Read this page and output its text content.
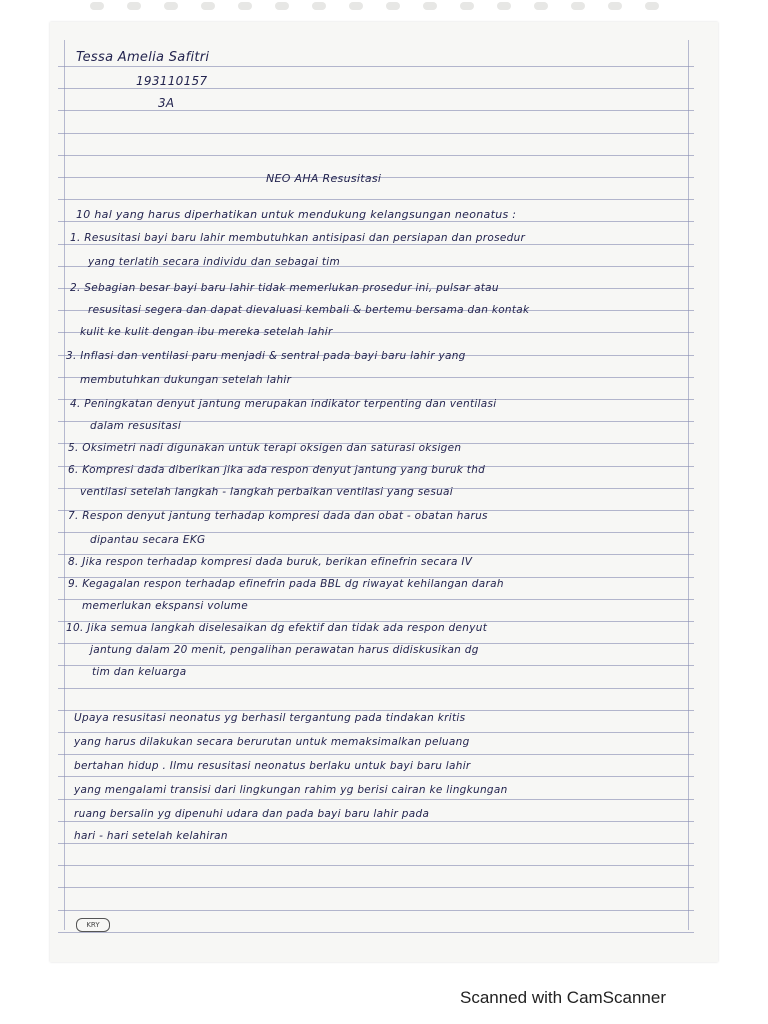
Tessa Amelia Safitri
193110157
3A
NEO AHA Resusitasi
10 hal yang harus diperhatikan untuk mendukung kelangsungan neonatus :
1. Resusitasi bayi baru lahir membutuhkan antisipasi dan persiapan dan prosedur
yang terlatih secara individu dan sebagai tim
2. Sebagian besar bayi baru lahir tidak memerlukan prosedur ini, pulsar atau
resusitasi segera dan dapat dievaluasi kembali & bertemu bersama dan kontak
kulit ke kulit dengan ibu mereka setelah lahir
3. Inflasi dan ventilasi paru menjadi & sentral pada bayi baru lahir yang
membutuhkan dukungan setelah lahir
4. Peningkatan denyut jantung merupakan indikator terpenting dan ventilasi
dalam resusitasi
5. Oksimetri nadi digunakan untuk terapi oksigen dan saturasi oksigen
6. Kompresi dada diberikan jika ada respon denyut jantung yang buruk thd
ventilasi setelah langkah - langkah perbaikan ventilasi yang sesuai
7. Respon denyut jantung terhadap kompresi dada dan obat - obatan harus
dipantau secara EKG
8. Jika respon terhadap kompresi dada buruk, berikan efinefrin secara IV
9. Kegagalan respon terhadap efinefrin pada BBL dg riwayat kehilangan darah
memerlukan ekspansi volume
10. Jika semua langkah diselesaikan dg efektif dan tidak ada respon denyut
jantung dalam 20 menit, pengalihan perawatan harus didiskusikan dg
tim dan keluarga
Upaya resusitasi neonatus yg berhasil tergantung pada tindakan kritis
yang harus dilakukan secara berurutan untuk memaksimalkan peluang
bertahan hidup . Ilmu resusitasi neonatus berlaku untuk bayi baru lahir
yang mengalami transisi dari lingkungan rahim yg berisi cairan ke lingkungan
ruang bersalin yg dipenuhi udara dan pada bayi baru lahir pada
hari - hari setelah kelahiran
KRY
Scanned with CamScanner
